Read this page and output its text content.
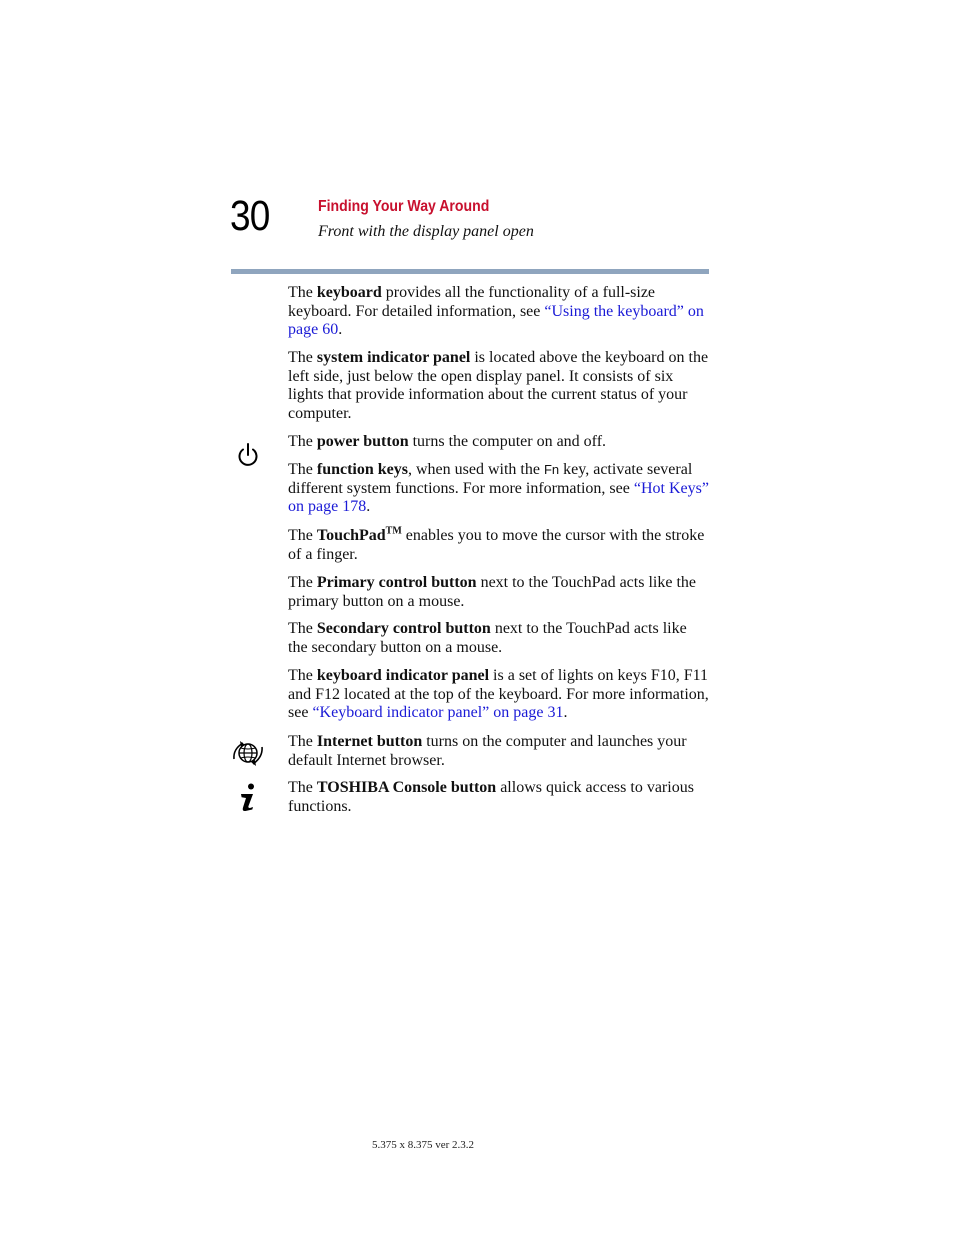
30	Finding Your Way Around
Front with the display panel open

The keyboard provides all the functionality of a full-size keyboard. For detailed information, see “Using the keyboard” on page 60.

The system indicator panel is located above the keyboard on the left side, just below the open display panel. It consists of six lights that provide information about the current status of your computer.

The power button turns the computer on and off.

The function keys, when used with the Fn key, activate several different system functions. For more information, see “Hot Keys” on page 178.

The TouchPad™ enables you to move the cursor with the stroke of a finger.

The Primary control button next to the TouchPad acts like the primary button on a mouse.

The Secondary control button next to the TouchPad acts like the secondary button on a mouse.

The keyboard indicator panel is a set of lights on keys F10, F11 and F12 located at the top of the keyboard. For more information, see “Keyboard indicator panel” on page 31.

The Internet button turns on the computer and launches your default Internet browser.

The TOSHIBA Console button allows quick access to various functions.

5.375 x 8.375 ver 2.3.2
